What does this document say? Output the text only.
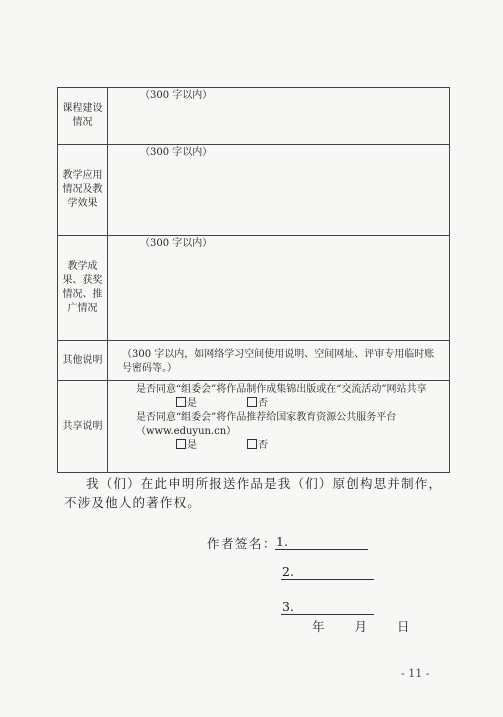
课程建设情况	（300 字以内）
教学应用情况及教学效果	（300 字以内）
教学成果、获奖情况、推广情况	（300 字以内）
其他说明	（300 字以内，如网络学习空间使用说明、空间网址、评审专用临时账号密码等。）
共享说明	是否同意“组委会”将作品制作成集锦出版或在“交流活动”网站共享
是 否
是否同意“组委会”将作品推荐给国家教育资源公共服务平台（www.eduyun.cn）
是 否

我（们）在此申明所报送作品是我（们）原创构思并制作，不涉及他人的著作权。

作者签名：
1.
2.
3.
年 月 日
- 11 -
